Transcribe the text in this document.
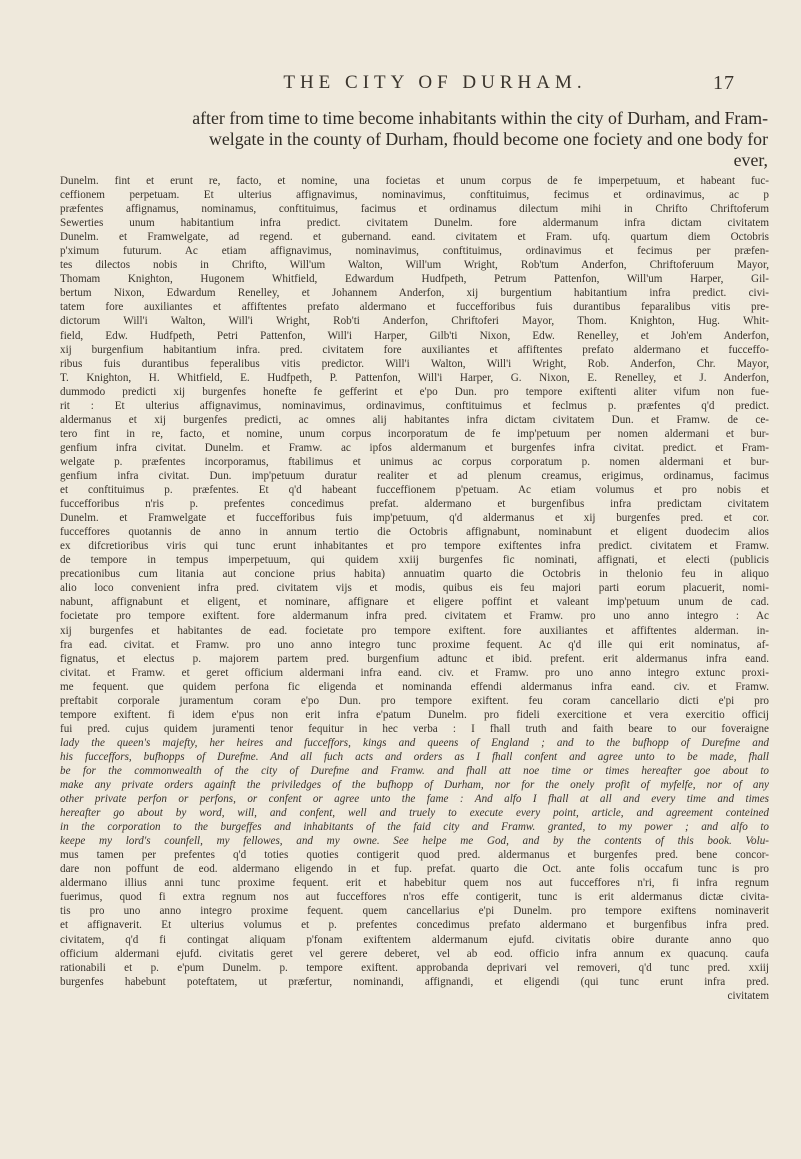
THE CITY OF DURHAM.	17
after from time to time become inhabitants within the city of Durham, and Fram-
welgate in the county of Durham, fhould become one fociety and one body for
ever,
Dunelm. fint et erunt re, facto, et nomine, una focietas et unum corpus de fe imperpetuum, et habeant fuc-
ceffionem perpetuam. Et ulterius affignavimus, nominavimus, conftituimus, fecimus et ordinavimus, ac p
præfentes affignamus, nominamus, conftituimus, facimus et ordinamus dilectum mihi in Chrifto Chriftoferum
Sewerties unum habitantium infra predict. civitatem Dunelm. fore aldermanum infra dictam civitatem
Dunelm. et Framwelgate, ad regend. et gubernand. eand. civitatem et Fram. ufq. quartum diem Octobris
p'ximum futurum. Ac etiam affignavimus, nominavimus, conftituimus, ordinavimus et fecimus per præfen-
tes dilectos nobis in Chrifto, Will'um Walton, Will'um Wright, Rob'tum Anderfon, Chriftoferuum Mayor,
Thomam Knighton, Hugonem Whitfield, Edwardum Hudfpeth, Petrum Pattenfon, Will'um Harper, Gil-
bertum Nixon, Edwardum Renelley, et Johannem Anderfon, xij burgentium habitantium infra predict. civi-
tatem fore auxiliantes et affiftentes prefato aldermano et fuccefforibus fuis durantibus feparalibus vitis pre-
dictorum Will'i Walton, Will'i Wright, Rob'ti Anderfon, Chriftoferi Mayor, Thom. Knighton, Hug. Whit-
field, Edw. Hudfpeth, Petri Pattenfon, Will'i Harper, Gilb'ti Nixon, Edw. Renelley, et Joh'em Anderfon,
xij burgenfium habitantium infra. pred. civitatem fore auxiliantes et affiftentes prefato aldermano et fucceffo-
ribus fuis durantibus feperalibus vitis predictor. Will'i Walton, Will'i Wright, Rob. Anderfon, Chr. Mayor,
T. Knighton, H. Whitfield, E. Hudfpeth, P. Pattenfon, Will'i Harper, G. Nixon, E. Renelley, et J. Anderfon,
dummodo predicti xij burgenfes honefte fe gefferint et e'po Dun. pro tempore exiftenti aliter vifum non fue-
rit : Et ulterius affignavimus, nominavimus, ordinavimus, conftituimus et feclmus p. præfentes q'd predict.
aldermanus et xij burgenfes predicti, ac omnes alij habitantes infra dictam civitatem Dun. et Framw. de ce-
tero fint in re, facto, et nomine, unum corpus incorporatum de fe imp'petuum per nomen aldermani et bur-
genfium infra civitat. Dunelm. et Framw. ac ipfos aldermanum et burgenfes infra civitat. predict. et Fram-
welgate p. præfentes incorporamus, ftabilimus et unimus ac corpus corporatum p. nomen aldermani et bur-
genfium infra civitat. Dun. imp'petuum duratur realiter et ad plenum creamus, erigimus, ordinamus, facimus
et conftituimus p. præfentes. Et q'd habeant fucceffionem p'petuam. Ac etiam volumus et pro nobis et
fuccefforibus n'ris p. prefentes concedimus prefat. aldermano et burgenfibus infra predictam civitatem
Dunelm. et Framwelgate et fuccefforibus fuis imp'petuum, q'd aldermanus et xij burgenfes pred. et cor.
fucceffores quotannis de anno in annum tertio die Octobris affignabunt, nominabunt et eligent duodecim alios
ex difcretioribus viris qui tunc erunt inhabitantes et pro tempore exiftentes infra predict. civitatem et Framw.
de tempore in tempus imperpetuum, qui quidem xxiij burgenfes fic nominati, affignati, et electi (publicis
precationibus cum litania aut concione prius habita) annuatim quarto die Octobris in thelonio feu in aliquo
alio loco convenient infra pred. civitatem vijs et modis, quibus eis feu majori parti eorum placuerit, nomi-
nabunt, affignabunt et eligent, et nominare, affignare et eligere poffint et valeant imp'petuum unum de cad.
focietate pro tempore exiftent. fore aldermanum infra pred. civitatem et Framw. pro uno anno integro : Ac
xij burgenfes et habitantes de ead. focietate pro tempore exiftent. fore auxiliantes et affiftentes alderman. in-
fra ead. civitat. et Framw. pro uno anno integro tunc proxime fequent. Ac q'd ille qui erit nominatus, af-
fignatus, et electus p. majorem partem pred. burgenfium adtunc et ibid. prefent. erit aldermanus infra eand.
civitat. et Framw. et geret officium aldermani infra eand. civ. et Framw. pro uno anno integro extunc proxi-
me fequent. que quidem perfona fic eligenda et nominanda effendi aldermanus infra eand. civ. et Framw.
preftabit corporale juramentum coram e'po Dun. pro tempore exiftent. feu coram cancellario dicti e'pi pro
tempore exiftent. fi idem e'pus non erit infra e'patum Dunelm. pro fideli exercitione et vera exercitio officij
fui pred. cujus quidem juramenti tenor fequitur in hec verba : I fhall truth and faith beare to our foveraigne
lady the queen's majefty, her heires and fucceffors, kings and queens of England ; and to the bufhopp of Durefme and
his fucceffors, bufhopps of Durefme. And all fuch acts and orders as I fhall confent and agree unto to be made, fhall
be for the commonwealth of the city of Durefme and Framw. and fhall att noe time or times hereafter goe about to
make any private orders againft the priviledges of the bufhopp of Durham, nor for the onely profit of myfelfe, nor of any
other private perfon or perfons, or confent or agree unto the fame : And alfo I fhall at all and every time and times
hereafter go about by word, will, and confent, well and truely to execute every point, article, and agreement conteined
in the corporation to the burgeffes and inhabitants of the faid city and Framw. granted, to my power ; and alfo to
keepe my lord's counfell, my fellowes, and my owne. See helpe me God, and by the contents of this book. Volu-
mus tamen per prefentes q'd toties quoties contigerit quod pred. aldermanus et burgenfes pred. bene concor-
dare non poffunt de eod. aldermano eligendo in et fup. prefat. quarto die Oct. ante folis occafum tunc is pro
aldermano illius anni tunc proxime fequent. erit et habebitur quem nos aut fucceffores n'ri, fi infra regnum
fuerimus, quod fi extra regnum nos aut fucceffores n'ros effe contigerit, tunc is erit aldermanus dictæ civita-
tis pro uno anno integro proxime fequent. quem cancellarius e'pi Dunelm. pro tempore exiftens nominaverit
et affignaverit. Et ulterius volumus et p. prefentes concedimus prefato aldermano et burgenfibus infra pred.
civitatem, q'd fi contingat aliquam p'fonam exiftentem aldermanum ejufd. civitatis obire durante anno quo
officium aldermani ejufd. civitatis geret vel gerere deberet, vel ab eod. officio infra annum ex quacunq. caufa
rationabili et p. e'pum Dunelm. p. tempore exiftent. approbanda deprivari vel removeri, q'd tunc pred. xxiij
burgenfes habebunt poteftatem, ut præfertur, nominandi, affignandi, et eligendi (qui tunc erunt infra pred.
civitatem
